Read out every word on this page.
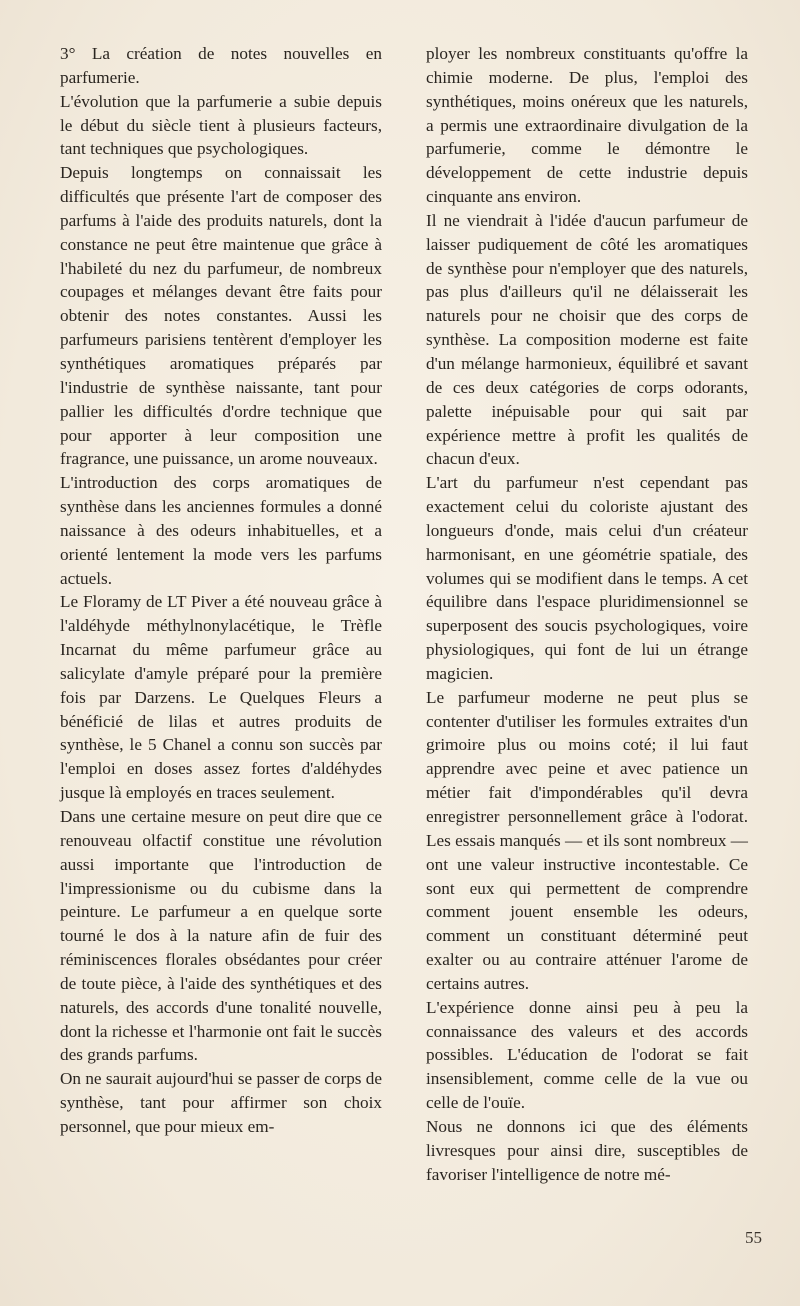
3° La création de notes nouvelles en parfumerie.

L'évolution que la parfumerie a subie depuis le début du siècle tient à plusieurs facteurs, tant techniques que psychologiques.

Depuis longtemps on connaissait les difficultés que présente l'art de composer des parfums à l'aide des produits naturels, dont la constance ne peut être maintenue que grâce à l'habileté du nez du parfumeur, de nombreux coupages et mélanges devant être faits pour obtenir des notes constantes. Aussi les parfumeurs parisiens tentèrent d'employer les synthétiques aromatiques préparés par l'industrie de synthèse naissante, tant pour pallier les difficultés d'ordre technique que pour apporter à leur composition une fragrance, une puissance, un arome nouveaux.

L'introduction des corps aromatiques de synthèse dans les anciennes formules a donné naissance à des odeurs inhabituelles, et a orienté lentement la mode vers les parfums actuels.

Le Floramy de LT Piver a été nouveau grâce à l'aldéhyde méthylnonylacétique, le Trèfle Incarnat du même parfumeur grâce au salicylate d'amyle préparé pour la première fois par Darzens. Le Quelques Fleurs a bénéficié de lilas et autres produits de synthèse, le 5 Chanel a connu son succès par l'emploi en doses assez fortes d'aldéhydes jusque là employés en traces seulement.

Dans une certaine mesure on peut dire que ce renouveau olfactif constitue une révolution aussi importante que l'introduction de l'impressionisme ou du cubisme dans la peinture. Le parfumeur a en quelque sorte tourné le dos à la nature afin de fuir des réminiscences florales obsédantes pour créer de toute pièce, à l'aide des synthétiques et des naturels, des accords d'une tonalité nouvelle, dont la richesse et l'harmonie ont fait le succès des grands parfums.

On ne saurait aujourd'hui se passer de corps de synthèse, tant pour affirmer son choix personnel, que pour mieux em-

ployer les nombreux constituants qu'offre la chimie moderne. De plus, l'emploi des synthétiques, moins onéreux que les naturels, a permis une extraordinaire divulgation de la parfumerie, comme le démontre le développement de cette industrie depuis cinquante ans environ.

Il ne viendrait à l'idée d'aucun parfumeur de laisser pudiquement de côté les aromatiques de synthèse pour n'employer que des naturels, pas plus d'ailleurs qu'il ne délaisserait les naturels pour ne choisir que des corps de synthèse. La composition moderne est faite d'un mélange harmonieux, équilibré et savant de ces deux catégories de corps odorants, palette inépuisable pour qui sait par expérience mettre à profit les qualités de chacun d'eux.

L'art du parfumeur n'est cependant pas exactement celui du coloriste ajustant des longueurs d'onde, mais celui d'un créateur harmonisant, en une géométrie spatiale, des volumes qui se modifient dans le temps. A cet équilibre dans l'espace pluridimensionnel se superposent des soucis psychologiques, voire physiologiques, qui font de lui un étrange magicien.

Le parfumeur moderne ne peut plus se contenter d'utiliser les formules extraites d'un grimoire plus ou moins coté; il lui faut apprendre avec peine et avec patience un métier fait d'impondérables qu'il devra enregistrer personnellement grâce à l'odorat. Les essais manqués — et ils sont nombreux — ont une valeur instructive incontestable. Ce sont eux qui permettent de comprendre comment jouent ensemble les odeurs, comment un constituant déterminé peut exalter ou au contraire atténuer l'arome de certains autres.

L'expérience donne ainsi peu à peu la connaissance des valeurs et des accords possibles. L'éducation de l'odorat se fait insensiblement, comme celle de la vue ou celle de l'ouïe.

Nous ne donnons ici que des éléments livresques pour ainsi dire, susceptibles de favoriser l'intelligence de notre mé-

55
